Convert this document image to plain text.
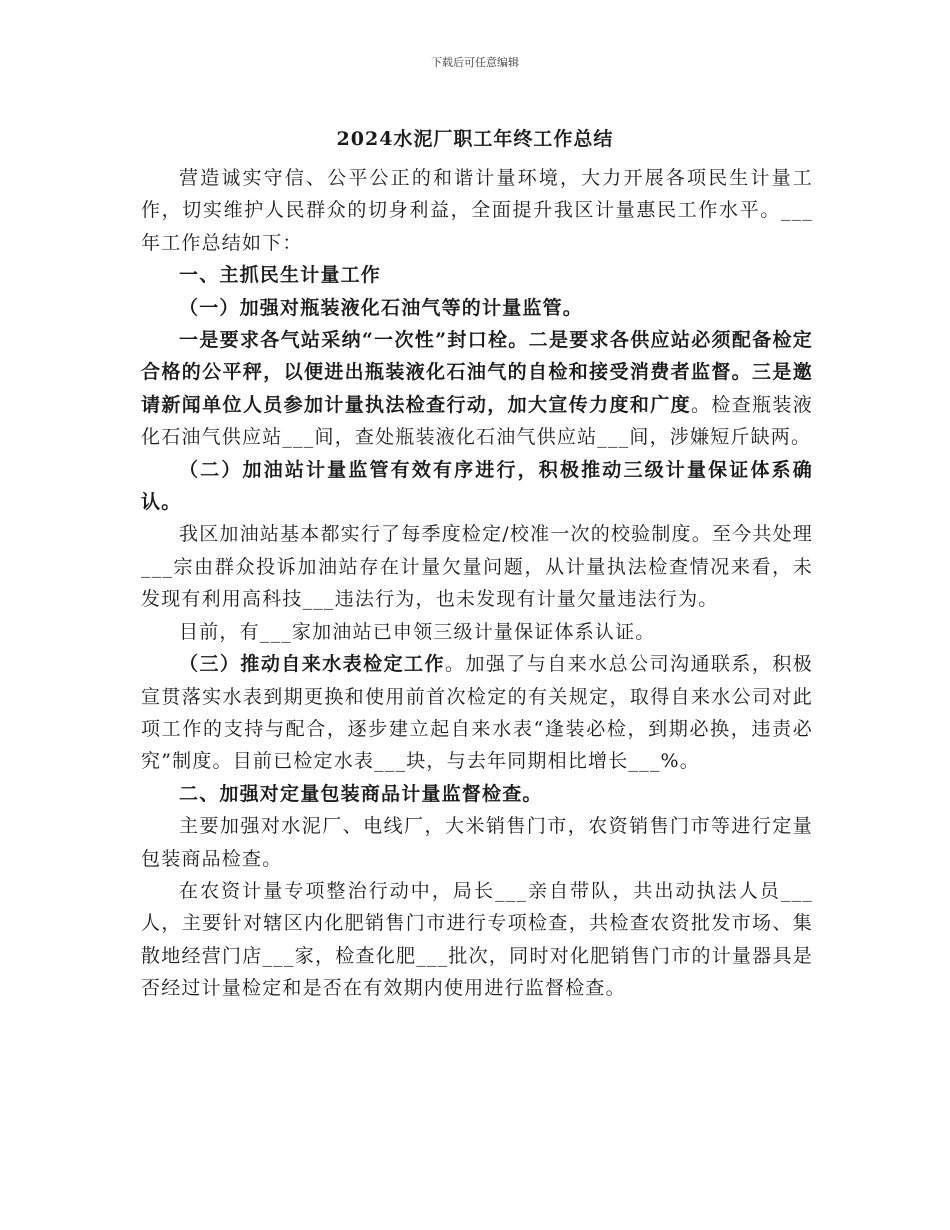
下载后可任意编辑
2024水泥厂职工年终工作总结

营造诚实守信、公平公正的和谐计量环境，大力开展各项民生计量工作，切实维护人民群众的切身利益，全面提升我区计量惠民工作水平。___年工作总结如下：

一、主抓民生计量工作

（一）加强对瓶装液化石油气等的计量监管。

一是要求各气站采纳“一次性”封口栓。二是要求各供应站必须配备检定合格的公平秤，以便进出瓶装液化石油气的自检和接受消费者监督。三是邀请新闻单位人员参加计量执法检查行动，加大宣传力度和广度。检查瓶装液化石油气供应站___间，查处瓶装液化石油气供应站___间，涉嫌短斤缺两。

（二）加油站计量监管有效有序进行，积极推动三级计量保证体系确认。

我区加油站基本都实行了每季度检定/校准一次的校验制度。至今共处理___宗由群众投诉加油站存在计量欠量问题，从计量执法检查情况来看，未发现有利用高科技___违法行为，也未发现有计量欠量违法行为。

目前，有___家加油站已申领三级计量保证体系认证。

（三）推动自来水表检定工作。加强了与自来水总公司沟通联系，积极宣贯落实水表到期更换和使用前首次检定的有关规定，取得自来水公司对此项工作的支持与配合，逐步建立起自来水表“逢装必检，到期必换，违责必究”制度。目前已检定水表___块，与去年同期相比增长___%。

二、加强对定量包装商品计量监督检查。

主要加强对水泥厂、电线厂，大米销售门市，农资销售门市等进行定量包装商品检查。

在农资计量专项整治行动中，局长___亲自带队，共出动执法人员___人，主要针对辖区内化肥销售门市进行专项检查，共检查农资批发市场、集散地经营门店___家，检查化肥___批次，同时对化肥销售门市的计量器具是否经过计量检定和是否在有效期内使用进行监督检查。
